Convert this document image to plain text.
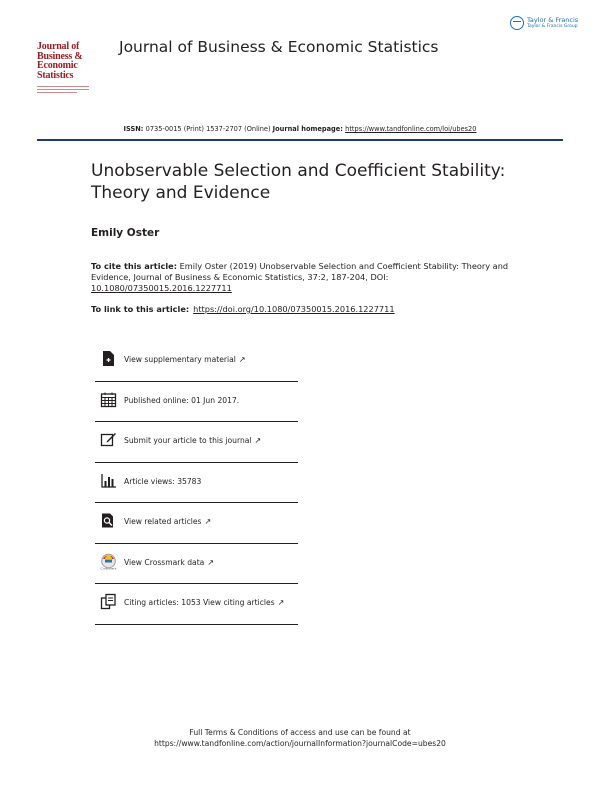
Journal of
Business &
Economic
Statistics
Journal of Business & Economic Statistics
Taylor & Francis
Taylor & Francis Group
ISSN: 0735-0015 (Print) 1537-2707 (Online) Journal homepage: https://www.tandfonline.com/loi/ubes20
Unobservable Selection and Coefficient Stability: Theory and Evidence
Emily Oster
To cite this article: Emily Oster (2019) Unobservable Selection and Coefficient Stability: Theory and Evidence, Journal of Business & Economic Statistics, 37:2, 187-204, DOI: 10.1080/07350015.2016.1227711
To link to this article: https://doi.org/10.1080/07350015.2016.1227711
View supplementary material ↗
Published online: 01 Jun 2017.
Submit your article to this journal ↗
Article views: 35783
View related articles ↗
Crossmark
View Crossmark data ↗
Citing articles: 1053 View citing articles ↗
Full Terms & Conditions of access and use can be found at
https://www.tandfonline.com/action/journalInformation?journalCode=ubes20
